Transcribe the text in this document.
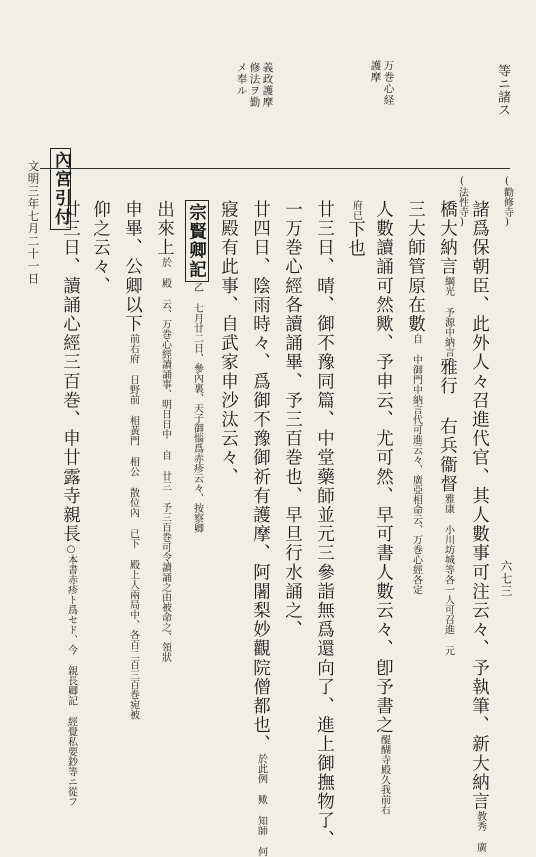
等ニ諸ス
万巻心経
護摩
義政護摩
修法ヲ勤
メ奉ル
(勸修寺)
諸爲保朝臣、此外人々召進代官、其人數事可注云々、予執筆、新大納言教秀 廣
(法性寺)
橋大納言綱光 予源中納言雅行 右兵衞督雅康 小川坊城等各一人可召進 元
三大師管原在數自 中御門中納言代可進云々、廣亞相命云、万巻心經各定
人數讀誦可然歟、予申云、尤可然、早可書人數云々、卽予書之醍醐寺殿久我前右
府已下也
廿三日、晴、御不豫同篇、中堂藥師並元三參詣無爲還向了、進上御撫物了、
一万巻心經各讀誦畢、予三百巻也、早旦行水誦之、
廿四日、陰雨時々、爲御不豫御祈有護摩、阿闍梨妙觀院僧都也、於此例 歟 知師 何
寢殿有此事、自武家申沙汰云々、
宗賢卿記乙 七月廿二日、參內裏、天子御惱爲赤疹云々、按察卿
出來上於 殿 云、万巻心經讀誦事、明日日中 自 廿三 予三百巻可令讀誦之由被命之、領狀
申畢、公卿以下前右府 日野前 相黃門 相公 散位內 已下 殿上人兩局中、各百二百三百巻宛被
仰之云々、
廿三日、讀誦心經三百巻、申廿露寺親長○本書赤疹ト爲セド、今 親長卿記 經覺私要鈔等ニ從フ
內宮引付
文明三年七月二十一日
六七三
